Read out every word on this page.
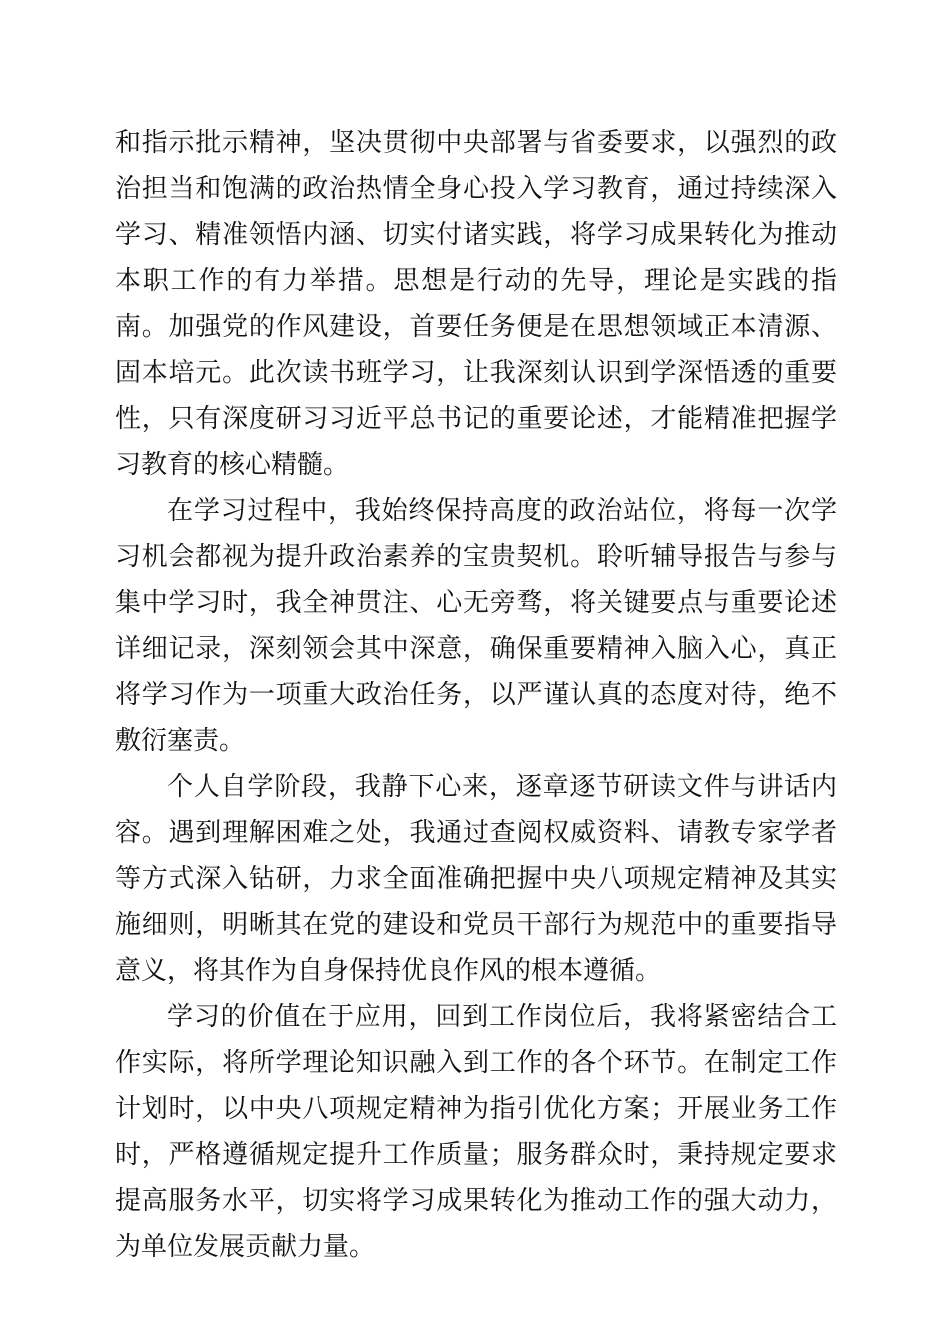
和指示批示精神，坚决贯彻中央部署与省委要求，以强烈的政治担当和饱满的政治热情全身心投入学习教育，通过持续深入学习、精准领悟内涵、切实付诸实践，将学习成果转化为推动本职工作的有力举措。思想是行动的先导，理论是实践的指南。加强党的作风建设，首要任务便是在思想领域正本清源、固本培元。此次读书班学习，让我深刻认识到学深悟透的重要性，只有深度研习习近平总书记的重要论述，才能精准把握学习教育的核心精髓。

在学习过程中，我始终保持高度的政治站位，将每一次学习机会都视为提升政治素养的宝贵契机。聆听辅导报告与参与集中学习时，我全神贯注、心无旁骛，将关键要点与重要论述详细记录，深刻领会其中深意，确保重要精神入脑入心，真正将学习作为一项重大政治任务，以严谨认真的态度对待，绝不敷衍塞责。

个人自学阶段，我静下心来，逐章逐节研读文件与讲话内容。遇到理解困难之处，我通过查阅权威资料、请教专家学者等方式深入钻研，力求全面准确把握中央八项规定精神及其实施细则，明晰其在党的建设和党员干部行为规范中的重要指导意义，将其作为自身保持优良作风的根本遵循。

学习的价值在于应用，回到工作岗位后，我将紧密结合工作实际，将所学理论知识融入到工作的各个环节。在制定工作计划时，以中央八项规定精神为指引优化方案；开展业务工作时，严格遵循规定提升工作质量；服务群众时，秉持规定要求提高服务水平，切实将学习成果转化为推动工作的强大动力，为单位发展贡献力量。
